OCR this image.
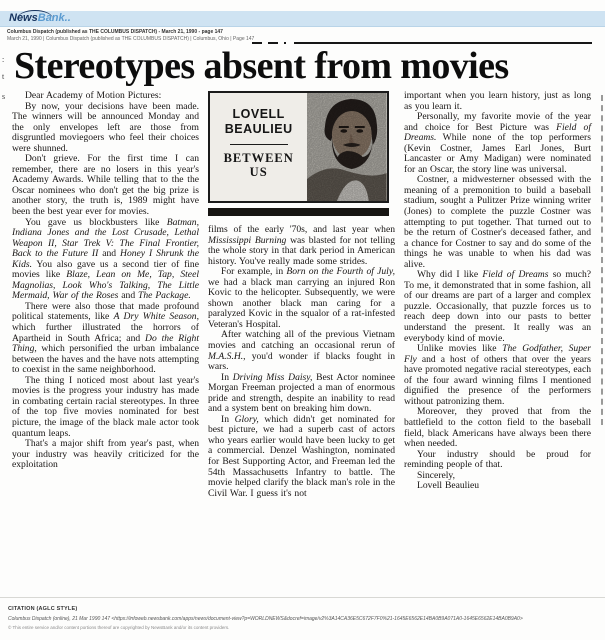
NewsBank..
Columbus Dispatch (published as THE COLUMBUS DISPATCH) - March 21, 1990 - page 147
March 21, 1990 | Columbus Dispatch (published as THE COLUMBUS DISPATCH) | Columbus, Ohio | Page 147
:
t
s
Stereotypes absent from movies

Dear Academy of Motion Pictures:

By now, your decisions have been made. The winners will be announced Monday and the only envelopes left are those from disgruntled moviegoers who feel their choices were shunned.

Don't grieve. For the first time I can remember, there are no losers in this year's Academy Awards. While telling that to the the Oscar nominees who don't get the big prize is another story, the truth is, 1989 might have been the best year ever for movies.

You gave us blockbusters like Batman, Indiana Jones and the Lost Crusade, Lethal Weapon II, Star Trek V: The Final Frontier, Back to the Future II and Honey I Shrunk the Kids. You also gave us a second tier of fine movies like Blaze, Lean on Me, Tap, Steel Magnolias, Look Who's Talking, The Little Mermaid, War of the Roses and The Package.

There were also those that made profound political statements, like A Dry White Season, which further illustrated the horrors of Apartheid in South Africa; and Do the Right Thing, which personified the urban imbalance between the haves and the have nots attempting to coexist in the same neighborhood.

The thing I noticed most about last year's movies is the progress your industry has made in combating certain racial stereotypes. In three of the top five movies nominated for best picture, the image of the black male actor took quantum leaps.

That's a major shift from year's past, when your industry was heavily criticized for the exploitation

LOVELL
BEAULIEU
BETWEEN
US

films of the early '70s, and last year when Mississippi Burning was blasted for not telling the whole story in that dark period in American history. You've really made some strides.

For example, in Born on the Fourth of July, we had a black man carrying an injured Ron Kovic to the helicopter. Subsequently, we were shown another black man caring for a paralyzed Kovic in the squalor of a rat-infested Veteran's Hospital.

After watching all of the previous Vietnam movies and catching an occasional rerun of M.A.S.H., you'd wonder if blacks fought in wars.

In Driving Miss Daisy, Best Actor nominee Morgan Freeman projected a man of enormous pride and strength, despite an inability to read and a system bent on breaking him down.

In Glory, which didn't get nominated for best picture, we had a superb cast of actors who years earlier would have been lucky to get a commercial. Denzel Washington, nominated for Best Supporting Actor, and Freeman led the 54th Massachusetts Infantry to battle. The movie helped clarify the black man's role in the Civil War. I guess it's not

important when you learn history, just as long as you learn it.

Personally, my favorite movie of the year and choice for Best Picture was Field of Dreams. While none of the top performers (Kevin Costner, James Earl Jones, Burt Lancaster or Amy Madigan) were nominated for an Oscar, the story line was universal.

Costner, a midwesterner obsessed with the meaning of a premonition to build a baseball stadium, sought a Pulitzer Prize winning writer (Jones) to complete the puzzle Costner was attempting to put together. That turned out to be the return of Costner's deceased father, and a chance for Costner to say and do some of the things he was unable to when his dad was alive.

Why did I like Field of Dreams so much? To me, it demonstrated that in some fashion, all of our dreams are part of a larger and complex puzzle. Occasionally, that puzzle forces us to reach deep down into our pasts to better understand the present. It really was an everybody kind of movie.

Unlike movies like The Godfather, Super Fly and a host of others that over the years have promoted negative racial stereotypes, each of the four award winning films I mentioned dignified the presence of the performers without patronizing them.

Moreover, they proved that from the battlefield to the cotton field to the baseball field, black Americans have always been there when needed.

Your industry should be proud for reminding people of that.

Sincerely,

Lovell Beaulieu

CITATION (AGLC STYLE)
Columbus Dispatch (online), 21 Mar 1990 147 <https://infoweb.newsbank.com/apps/news/document-view?p=WORLDNEWS&docref=image/v2%3A14CA36E5C672F7F0%21-1645E6562E14BA0B9A071A0-1645E6562E14BA0B9A0>
© This entire service and/or content portions thereof are copyrighted by NewsBank and/or its content providers.
